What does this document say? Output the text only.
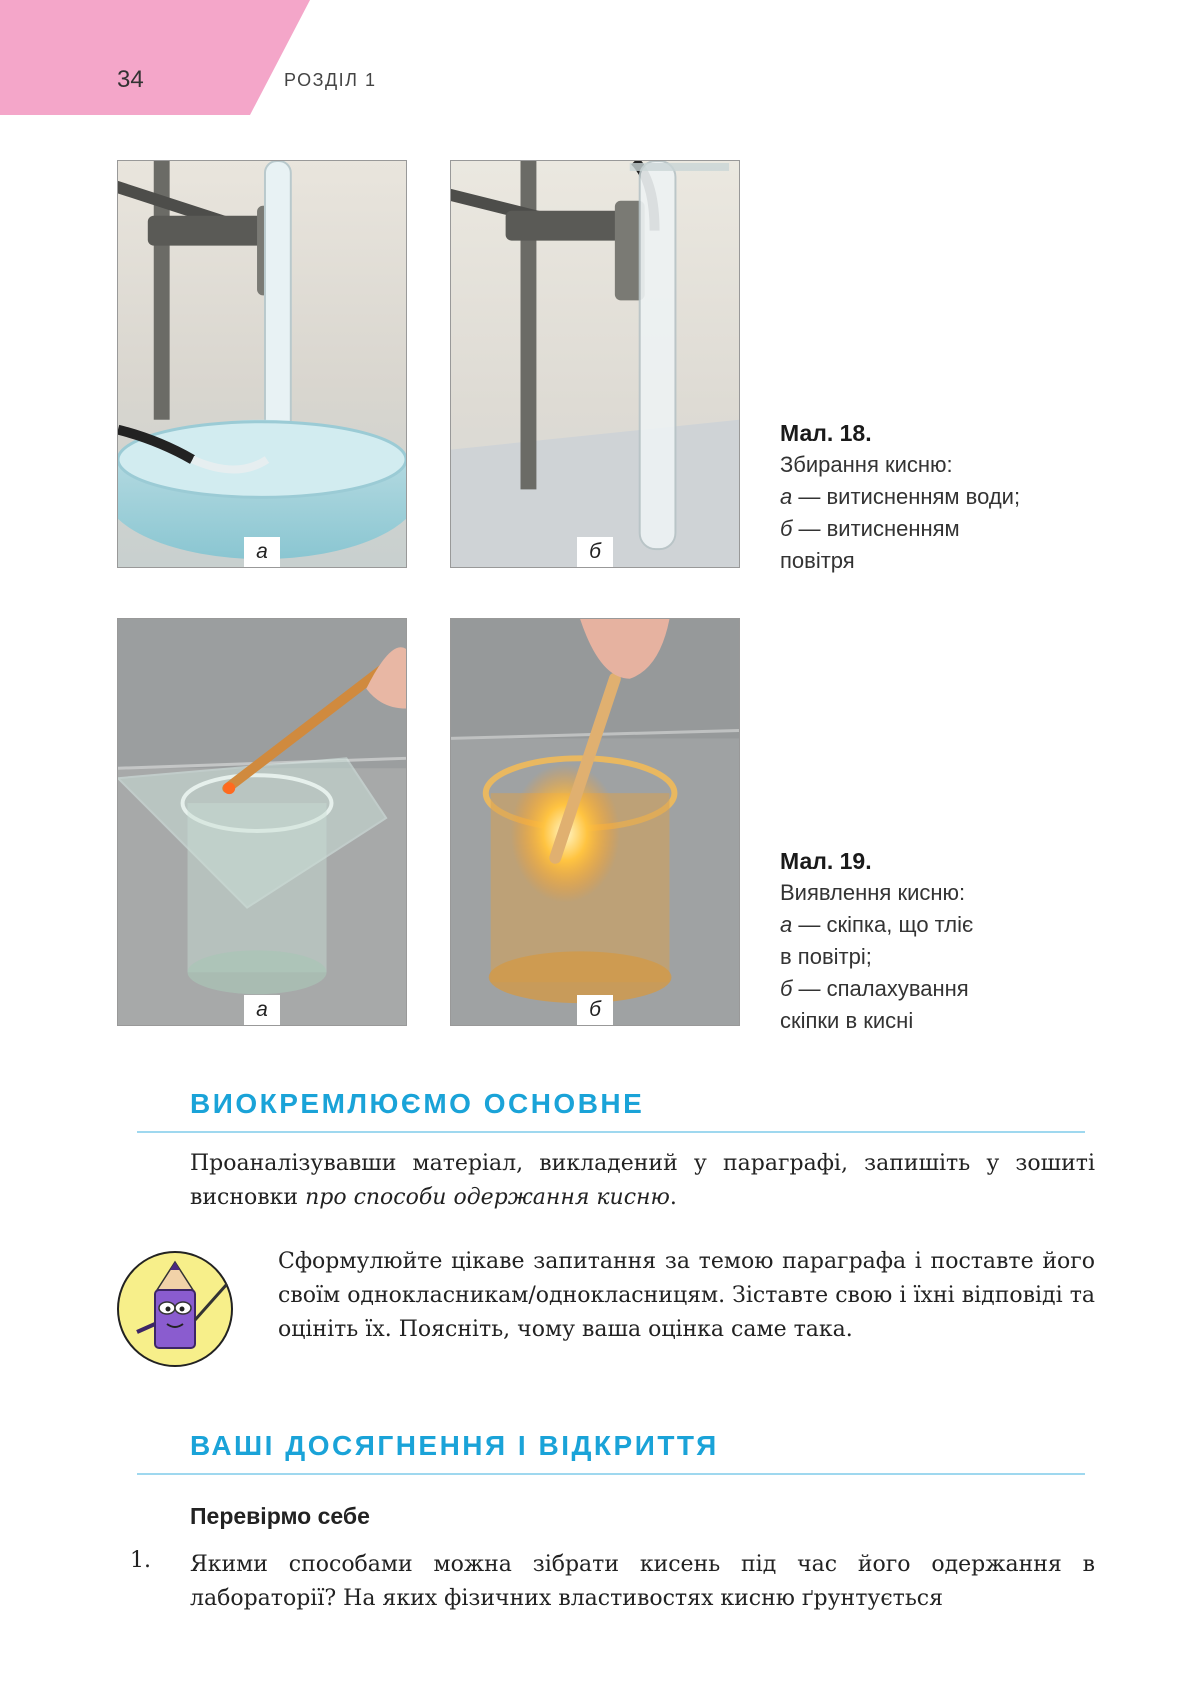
34	РОЗДІЛ 1
а	б
Мал. 18.
Збирання кисню:
а — витисненням води;
б — витисненням
повітря
а	б
Мал. 19.
Виявлення кисню:
а — скіпка, що тліє
в повітрі;
б — спалахування
скіпки в кисні
ВИОКРЕМЛЮЄМО ОСНОВНЕ
Проаналізувавши матеріал, викладений у параграфі, запишіть у зошиті висновки про способи одержання кисню.
Сформулюйте цікаве запитання за темою параграфа і поставте його своїм однокласникам/однокласницям. Зіставте свою і їхні відповіді та оцініть їх. Поясніть, чому ваша оцінка саме така.
ВАШІ ДОСЯГНЕННЯ І ВІДКРИТТЯ
Перевірмо себе
1. Якими способами можна зібрати кисень під час його одержання в лабораторії? На яких фізичних властивостях кисню ґрунтується
